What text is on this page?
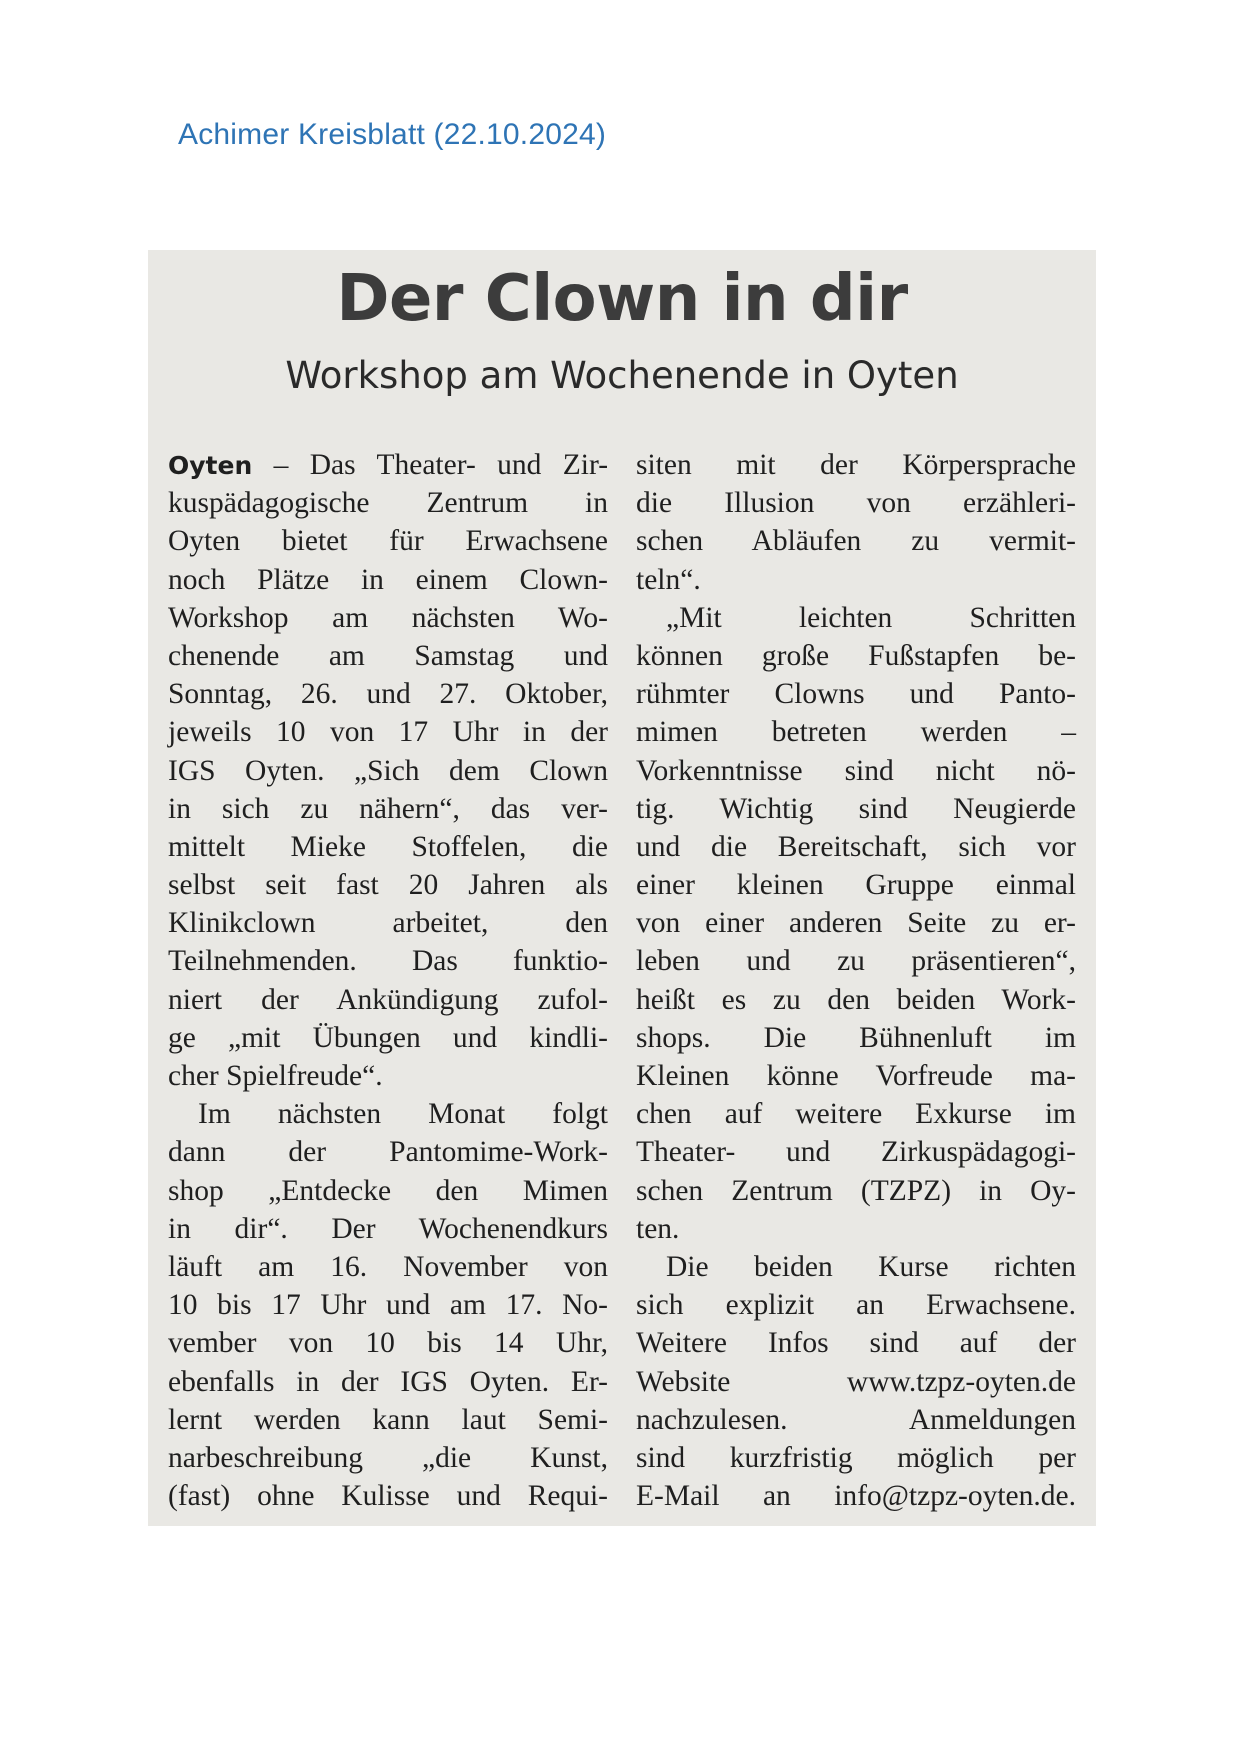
Achimer Kreisblatt (22.10.2024)
Der Clown in dir
Workshop am Wochenende in Oyten
Oyten – Das Theater- und Zir-
kuspädagogische Zentrum in
Oyten bietet für Erwachsene
noch Plätze in einem Clown-
Workshop am nächsten Wo-
chenende am Samstag und
Sonntag, 26. und 27. Oktober,
jeweils 10 von 17 Uhr in der
IGS Oyten. „Sich dem Clown
in sich zu nähern“, das ver-
mittelt Mieke Stoffelen, die
selbst seit fast 20 Jahren als
Klinikclown arbeitet, den
Teilnehmenden. Das funktio-
niert der Ankündigung zufol-
ge „mit Übungen und kindli-
cher Spielfreude“.
Im nächsten Monat folgt
dann der Pantomime-Work-
shop „Entdecke den Mimen
in dir“. Der Wochenendkurs
läuft am 16. November von
10 bis 17 Uhr und am 17. No-
vember von 10 bis 14 Uhr,
ebenfalls in der IGS Oyten. Er-
lernt werden kann laut Semi-
narbeschreibung „die Kunst,
(fast) ohne Kulisse und Requi-
siten mit der Körpersprache
die Illusion von erzähleri-
schen Abläufen zu vermit-
teln“.
„Mit leichten Schritten
können große Fußstapfen be-
rühmter Clowns und Panto-
mimen betreten werden –
Vorkenntnisse sind nicht nö-
tig. Wichtig sind Neugierde
und die Bereitschaft, sich vor
einer kleinen Gruppe einmal
von einer anderen Seite zu er-
leben und zu präsentieren“,
heißt es zu den beiden Work-
shops. Die Bühnenluft im
Kleinen könne Vorfreude ma-
chen auf weitere Exkurse im
Theater- und Zirkuspädagogi-
schen Zentrum (TZPZ) in Oy-
ten.
Die beiden Kurse richten
sich explizit an Erwachsene.
Weitere Infos sind auf der
Website www.tzpz-oyten.de
nachzulesen. Anmeldungen
sind kurzfristig möglich per
E-Mail an info@tzpz-oyten.de.
